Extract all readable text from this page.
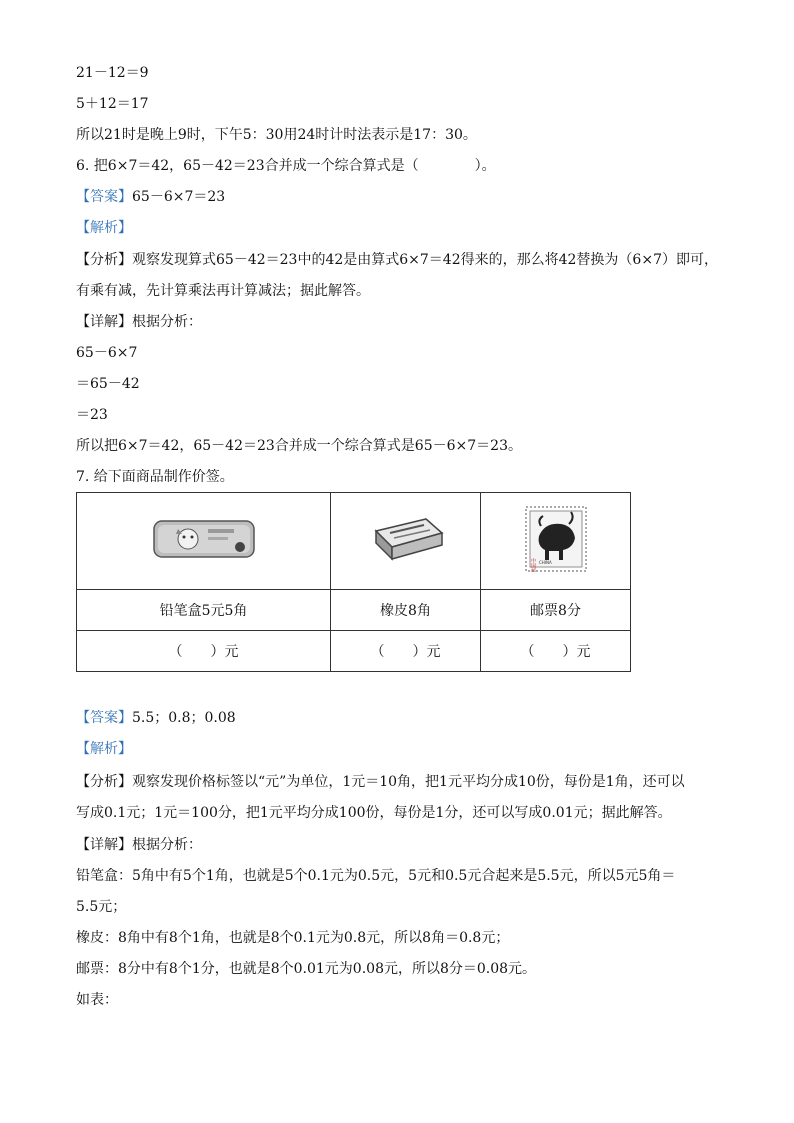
21－12＝9
5＋12＝17
所以21时是晚上9时，下午5：30用24时计时法表示是17：30。
6. 把6×7＝42，65－42＝23合并成一个综合算式是（　　　　）。
【答案】65－6×7＝23
【解析】
【分析】观察发现算式65－42＝23中的42是由算式6×7＝42得来的，那么将42替换为（6×7）即可，
有乘有减，先计算乘法再计算减法；据此解答。
【详解】根据分析：
65－6×7
＝65－42
＝23
所以把6×7＝42，65－42＝23合并成一个综合算式是65－6×7＝23。
7. 给下面商品制作价签。

中国邮政 CHINA

铅笔盒5元5角	橡皮8角	邮票8分
（　　）元	（　　）元	（　　）元
【答案】5.5；0.8；0.08
【解析】
【分析】观察发现价格标签以“元”为单位，1元＝10角，把1元平均分成10份，每份是1角，还可以
写成0.1元；1元＝100分，把1元平均分成100份，每份是1分，还可以写成0.01元；据此解答。
【详解】根据分析：
铅笔盒：5角中有5个1角，也就是5个0.1元为0.5元，5元和0.5元合起来是5.5元，所以5元5角＝
5.5元；
橡皮：8角中有8个1角，也就是8个0.1元为0.8元，所以8角＝0.8元；
邮票：8分中有8个1分，也就是8个0.01元为0.08元，所以8分＝0.08元。
如表：
